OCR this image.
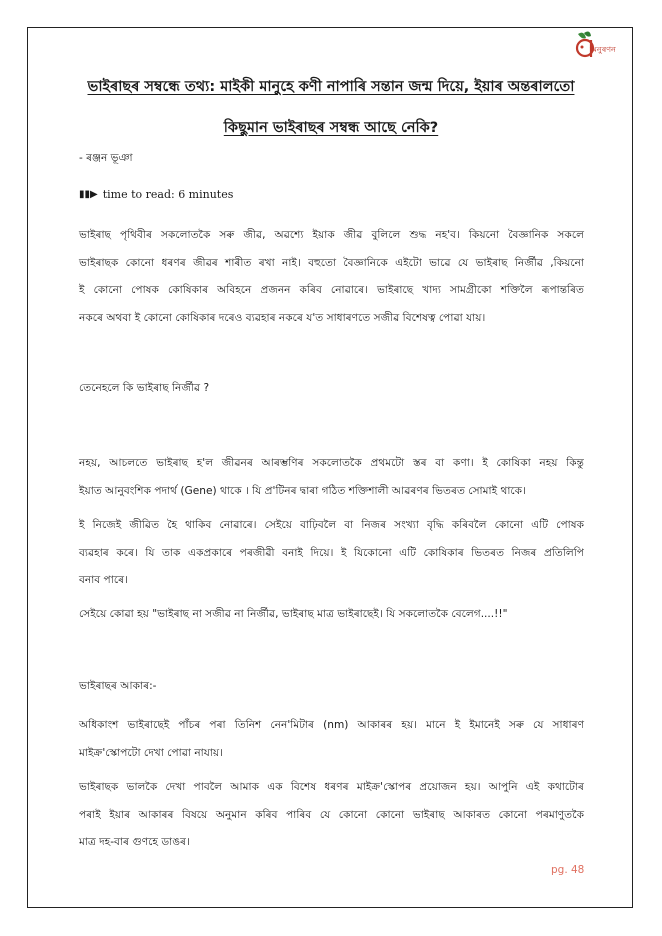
অনুৰণন
ভাইৰাছৰ সম্বন্ধে তথ্য: মাইকী মানুহে কণী নাপাৰি সন্তান জন্ম দিয়ে, ইয়াৰ অন্তৰালতো
কিছুমান ভাইৰাছৰ সম্বন্ধ আছে নেকি?
- ৰঞ্জন ভূঞা
▮▮▶ time to read: 6 minutes
ভাইৰাছ পৃথিবীৰ সকলোতকৈ সৰু জীৱ, অৱশ্যে ইয়াক জীৱ বুলিলে শুদ্ধ নহ'ব। কিয়নো বৈজ্ঞানিক সকলে
ভাইৰাছক কোনো ধৰণৰ জীৱৰ শাৰীত ৰখা নাই। বহুতো বৈজ্ঞানিকে এইটো ভাৱে যে ভাইৰাছ নিৰ্জীৱ ,কিয়নো
ই কোনো পোষক কোষিকাৰ অবিহনে প্ৰজনন কৰিব নোৱাৰে। ভাইৰাছে খাদ্য সামগ্ৰীকো শক্তিলৈ ৰূপান্তৰিত
নকৰে অথবা ই কোনো কোষিকাৰ দৰেও ব্যৱহাৰ নকৰে য'ত সাধাৰণতে সজীৱ বিশেষত্ব পোৱা যায়।
তেনেহলে কি ভাইৰাছ নিৰ্জীৱ ?
নহয়, আচলতে ভাইৰাছ হ'ল জীৱনৰ আৰম্ভণিৰ সকলোতকৈ প্ৰথমটো স্তৰ বা কণা। ই কোষিকা নহয় কিন্তু
ইয়াত আনুবংশিক পদাৰ্থ (Gene) থাকে । যি প্ৰ'টিনৰ দ্বাৰা গঠিত শক্তিশালী আৱৰণৰ ভিতৰত সোমাই থাকে।
ই নিজেই জীৱিত হৈ থাকিব নোৱাৰে। সেইয়ে বাঢ়িবলৈ বা নিজৰ সংখ্যা বৃদ্ধি কৰিবলৈ কোনো এটি পোষক
ব্যৱহাৰ কৰে। যি তাক একপ্ৰকাৰে পৰজীৱী বনাই দিয়ে। ই যিকোনো এটি কোষিকাৰ ভিতৰত নিজৰ প্ৰতিলিপি
বনাব পাৰে।
সেইয়ে কোৱা হয় "ভাইৰাছ না সজীৱ না নিৰ্জীৱ, ভাইৰাছ মাত্ৰ ভাইৰাছেই। যি সকলোতকৈ বেলেগ....!!"
ভাইৰাছৰ আকাৰ:-
অধিকাংশ ভাইৰাছেই পাঁচৰ পৰা তিনিশ নেন'মিটাৰ (nm) আকাৰৰ হয়। মানে ই ইমানেই সৰু যে সাধাৰণ
মাইক্ৰ'স্কোপটো দেখা পোৱা নাযায়।
ভাইৰাছক ভালকৈ দেখা পাবলৈ আমাক এক বিশেষ ধৰণৰ মাইক্ৰ'স্কোপৰ প্ৰয়োজন হয়। আপুনি এই কথাটোৰ
পৰাই ইয়াৰ আকাৰৰ বিষয়ে অনুমান কৰিব পাৰিব যে কোনো কোনো ভাইৰাছ আকাৰত কোনো পৰমাণুতকৈ
মাত্ৰ দহ-বাৰ গুণহে ডাঙৰ।
pg. 48
